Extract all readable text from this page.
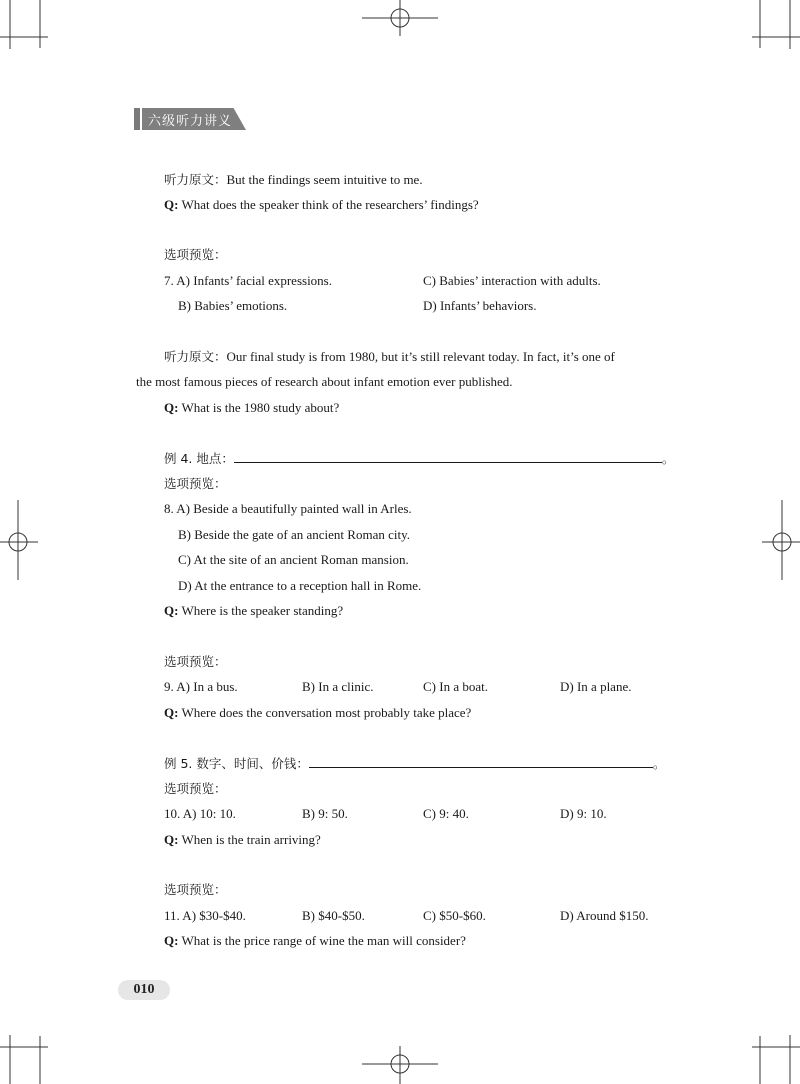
六级听力讲义
听力原文：But the findings seem intuitive to me.
Q: What does the speaker think of the researchers’ findings?
选项预览：
7. A) Infants’ facial expressions.	C) Babies’ interaction with adults.
B) Babies’ emotions.	D) Infants’ behaviors.
听力原文：Our final study is from 1980, but it’s still relevant today. In fact, it’s one of
the most famous pieces of research about infant emotion ever published.
Q: What is the 1980 study about?
例 4. 地点：	。
选项预览：
8. A) Beside a beautifully painted wall in Arles.
B) Beside the gate of an ancient Roman city.
C) At the site of an ancient Roman mansion.
D) At the entrance to a reception hall in Rome.
Q: Where is the speaker standing?
选项预览：
9. A) In a bus.	B) In a clinic.	C) In a boat.	D) In a plane.
Q: Where does the conversation most probably take place?
例 5. 数字、时间、价钱：	。
选项预览：
10. A) 10: 10.	B) 9: 50.	C) 9: 40.	D) 9: 10.
Q: When is the train arriving?
选项预览：
11. A) $30-$40.	B) $40-$50.	C) $50-$60.	D) Around $150.
Q: What is the price range of wine the man will consider?
010
